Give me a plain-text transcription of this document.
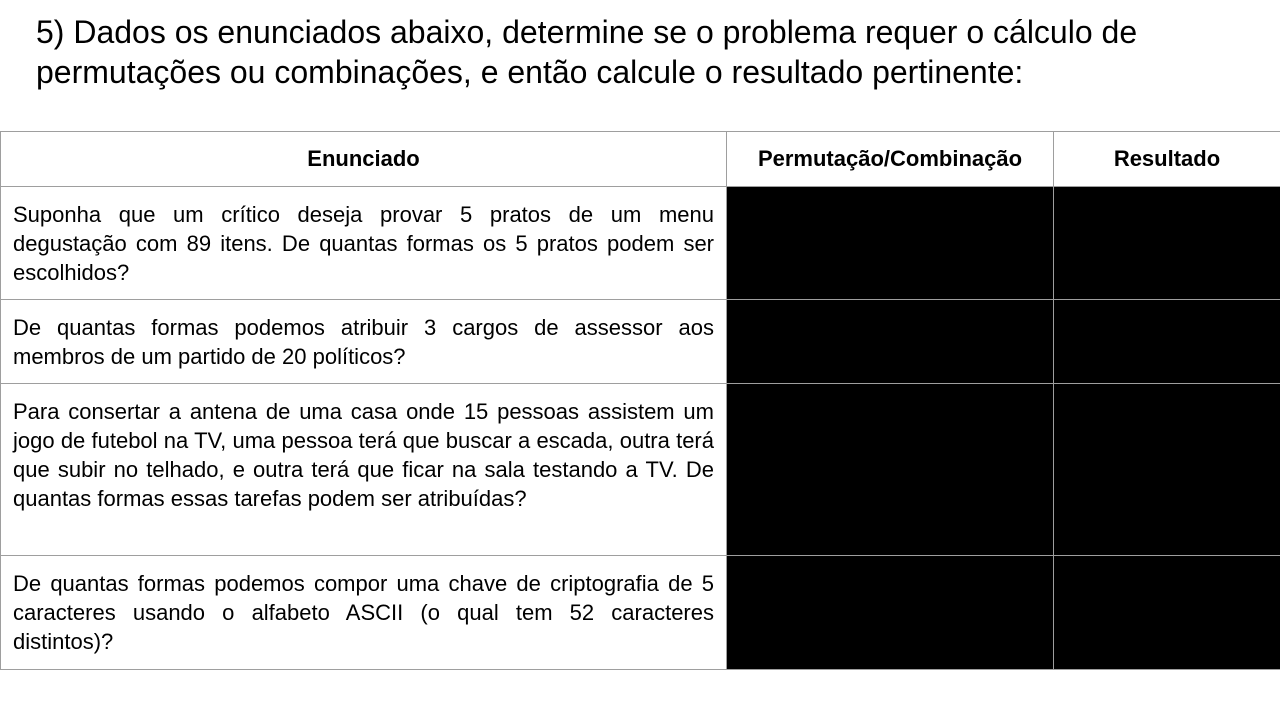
5) Dados os enunciados abaixo, determine se o problema requer o cálculo de permutações ou combinações, e então calcule o resultado pertinente:
Enunciado	Permutação/Combinação	Resultado
Suponha que um crítico deseja provar 5 pratos de um menu degustação com 89 itens. De quantas formas os 5 pratos podem ser escolhidos?		
De quantas formas podemos atribuir 3 cargos de assessor aos membros de um partido de 20 políticos?		
Para consertar a antena de uma casa onde 15 pessoas assistem um jogo de futebol na TV, uma pessoa terá que buscar a escada, outra terá que subir no telhado, e outra terá que ficar na sala testando a TV. De quantas formas essas tarefas podem ser atribuídas?		
De quantas formas podemos compor uma chave de criptografia de 5 caracteres usando o alfabeto ASCII (o qual tem 52 caracteres distintos)?		
